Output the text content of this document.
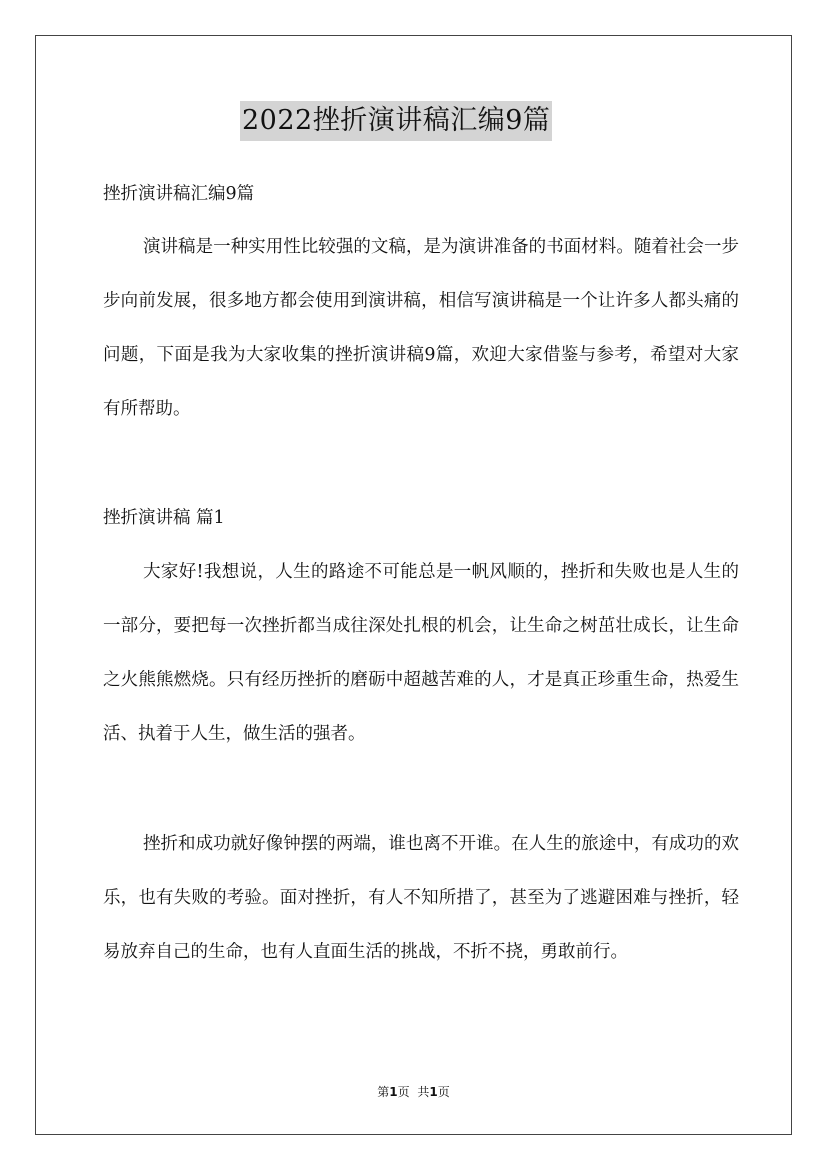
2022挫折演讲稿汇编9篇
挫折演讲稿汇编9篇

演讲稿是一种实用性比较强的文稿，是为演讲准备的书面材料。随着社会一步步向前发展，很多地方都会使用到演讲稿，相信写演讲稿是一个让许多人都头痛的问题，下面是我为大家收集的挫折演讲稿9篇，欢迎大家借鉴与参考，希望对大家有所帮助。

挫折演讲稿 篇1

大家好!我想说，人生的路途不可能总是一帆风顺的，挫折和失败也是人生的一部分，要把每一次挫折都当成往深处扎根的机会，让生命之树茁壮成长，让生命之火熊熊燃烧。只有经历挫折的磨砺中超越苦难的人，才是真正珍重生命，热爱生活、执着于人生，做生活的强者。

挫折和成功就好像钟摆的两端，谁也离不开谁。在人生的旅途中，有成功的欢乐，也有失败的考验。面对挫折，有人不知所措了，甚至为了逃避困难与挫折，轻易放弃自己的生命，也有人直面生活的挑战，不折不挠，勇敢前行。

第1页 共1页
